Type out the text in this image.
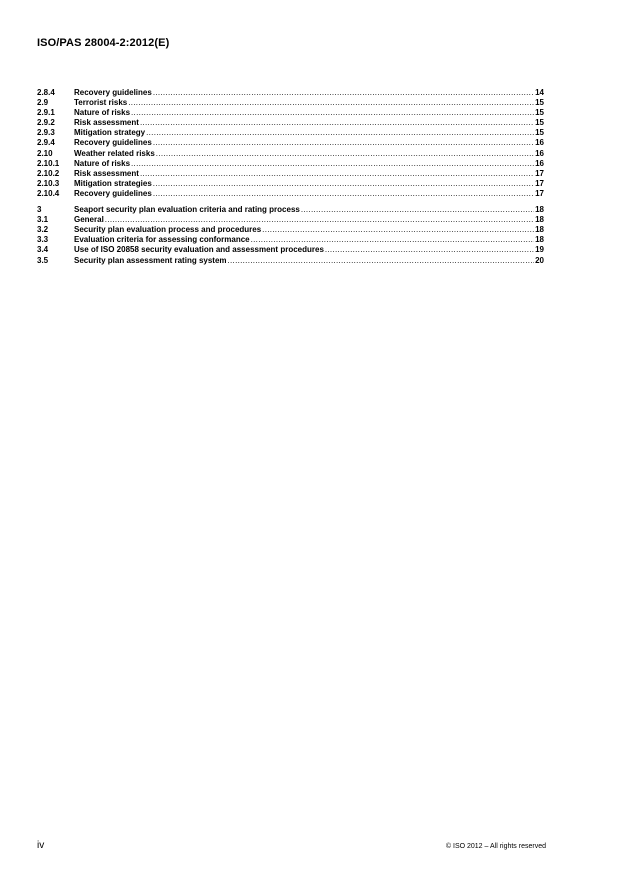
ISO/PAS 28004-2:2012(E)
2.8.4	Recovery guidelines .....	14
2.9	Terrorist risks .....	15
2.9.1	Nature of risks .....	15
2.9.2	Risk assessment .....	15
2.9.3	Mitigation strategy .....	15
2.9.4	Recovery guidelines .....	16
2.10	Weather related risks .....	16
2.10.1	Nature of risks .....	16
2.10.2	Risk assessment .....	17
2.10.3	Mitigation strategies .....	17
2.10.4	Recovery guidelines .....	17
3	Seaport security plan evaluation criteria and rating process .....	18
3.1	General .....	18
3.2	Security plan evaluation process and procedures .....	18
3.3	Evaluation criteria for assessing conformance .....	18
3.4	Use of ISO 20858 security evaluation and assessment procedures .....	19
3.5	Security plan assessment rating system .....	20
iv	© ISO 2012 – All rights reserved
